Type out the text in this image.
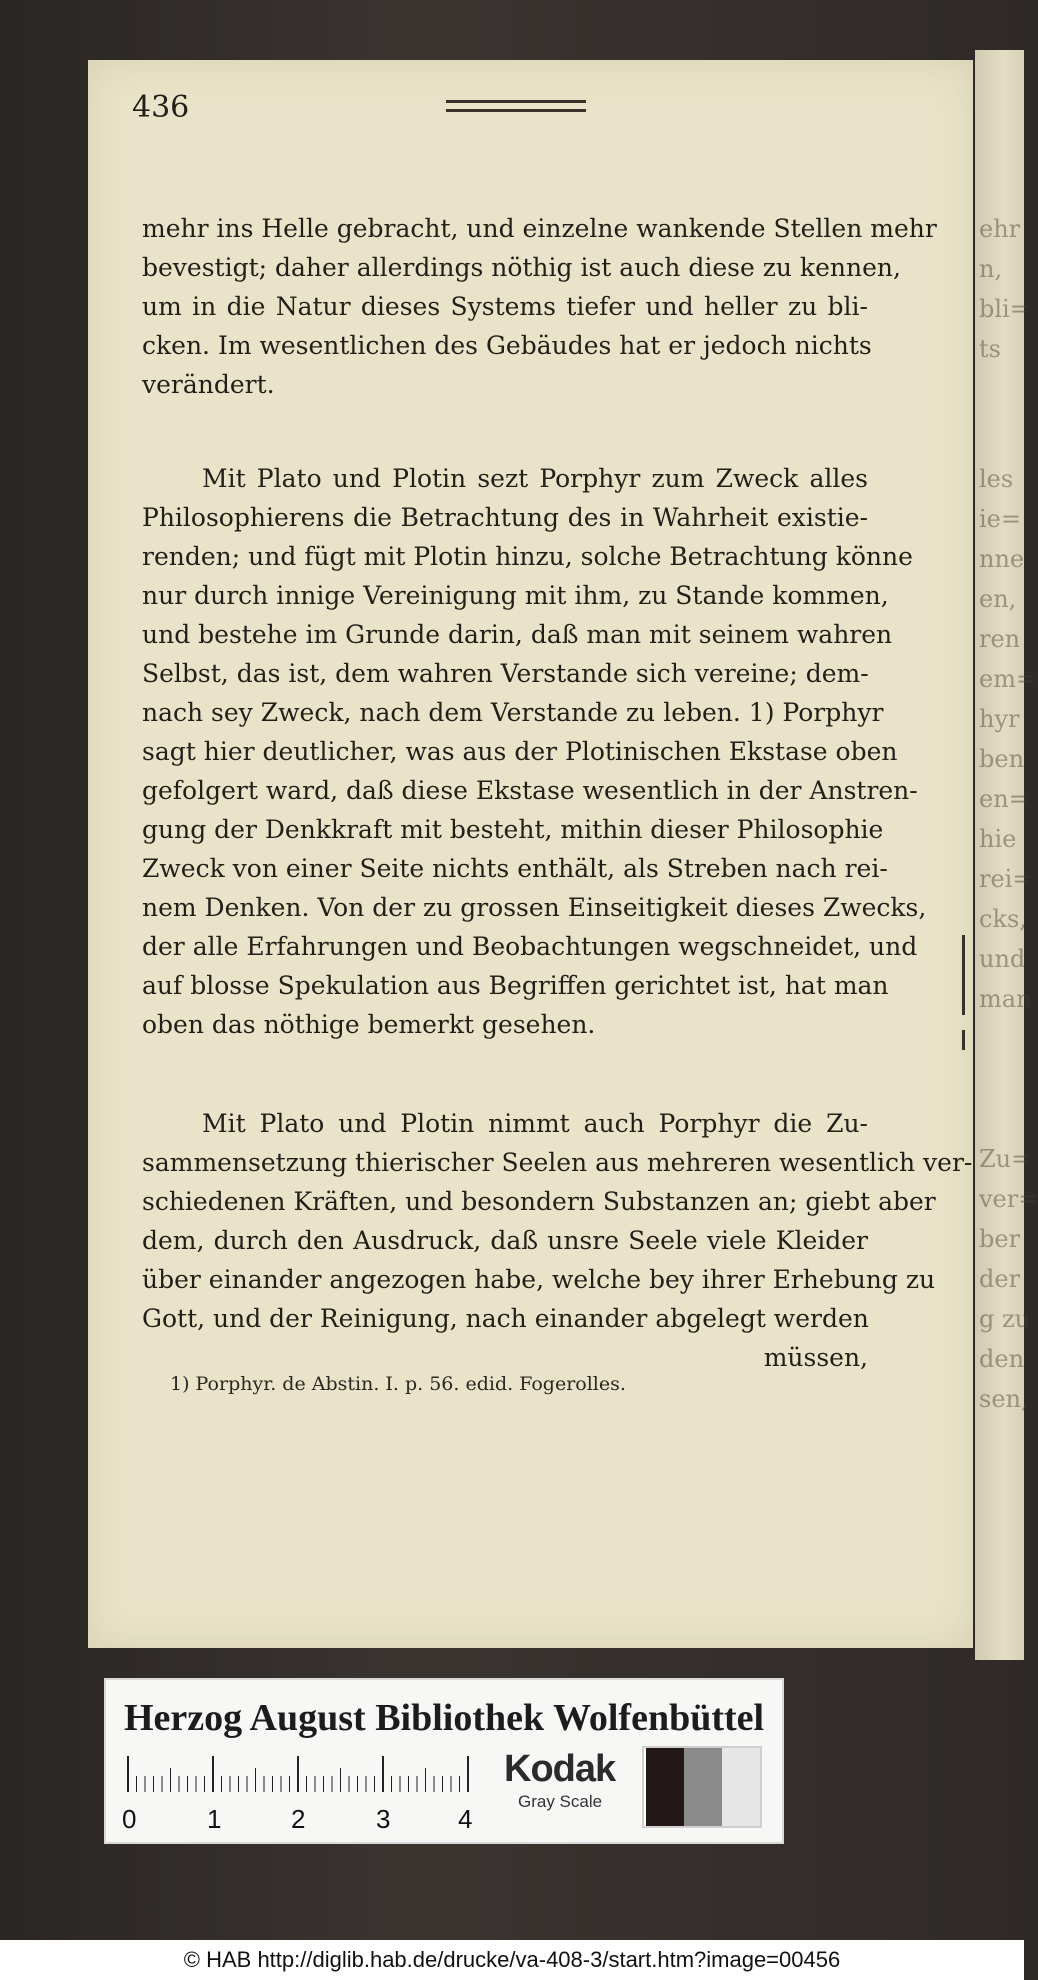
ehr
n,
bli=
ts
les
ie=
nne
en,
ren
em=
hyr
ben
en=
hie
rei=
cks,
und
man
Zu=
ver=
ber
der
g zu
den
sen,
436
mehr ins Helle gebracht, und einzelne wankende Stellen mehr
bevestigt; daher allerdings nöthig ist auch diese zu kennen,
um in die Natur dieses Systems tiefer und heller zu bli-
cken. Im wesentlichen des Gebäudes hat er jedoch nichts
verändert.
Mit Plato und Plotin sezt Porphyr zum Zweck alles
Philosophierens die Betrachtung des in Wahrheit existie-
renden; und fügt mit Plotin hinzu, solche Betrachtung könne
nur durch innige Vereinigung mit ihm, zu Stande kommen,
und bestehe im Grunde darin, daß man mit seinem wahren
Selbst, das ist, dem wahren Verstande sich vereine; dem-
nach sey Zweck, nach dem Verstande zu leben. 1) Porphyr
sagt hier deutlicher, was aus der Plotinischen Ekstase oben
gefolgert ward, daß diese Ekstase wesentlich in der Anstren-
gung der Denkkraft mit besteht, mithin dieser Philosophie
Zweck von einer Seite nichts enthält, als Streben nach rei-
nem Denken. Von der zu grossen Einseitigkeit dieses Zwecks,
der alle Erfahrungen und Beobachtungen wegschneidet, und
auf blosse Spekulation aus Begriffen gerichtet ist, hat man
oben das nöthige bemerkt gesehen.
Mit Plato und Plotin nimmt auch Porphyr die Zu-
sammensetzung thierischer Seelen aus mehreren wesentlich ver-
schiedenen Kräften, und besondern Substanzen an; giebt aber
dem, durch den Ausdruck, daß unsre Seele viele Kleider
über einander angezogen habe, welche bey ihrer Erhebung zu
Gott, und der Reinigung, nach einander abgelegt werden
müssen,
1) Porphyr. de Abstin. I. p. 56. edid. Fogerolles.
Herzog August Bibliothek Wolfenbüttel
0	1	2	3	4
Kodak
Gray Scale
© HAB http://diglib.hab.de/drucke/va-408-3/start.htm?image=00456
